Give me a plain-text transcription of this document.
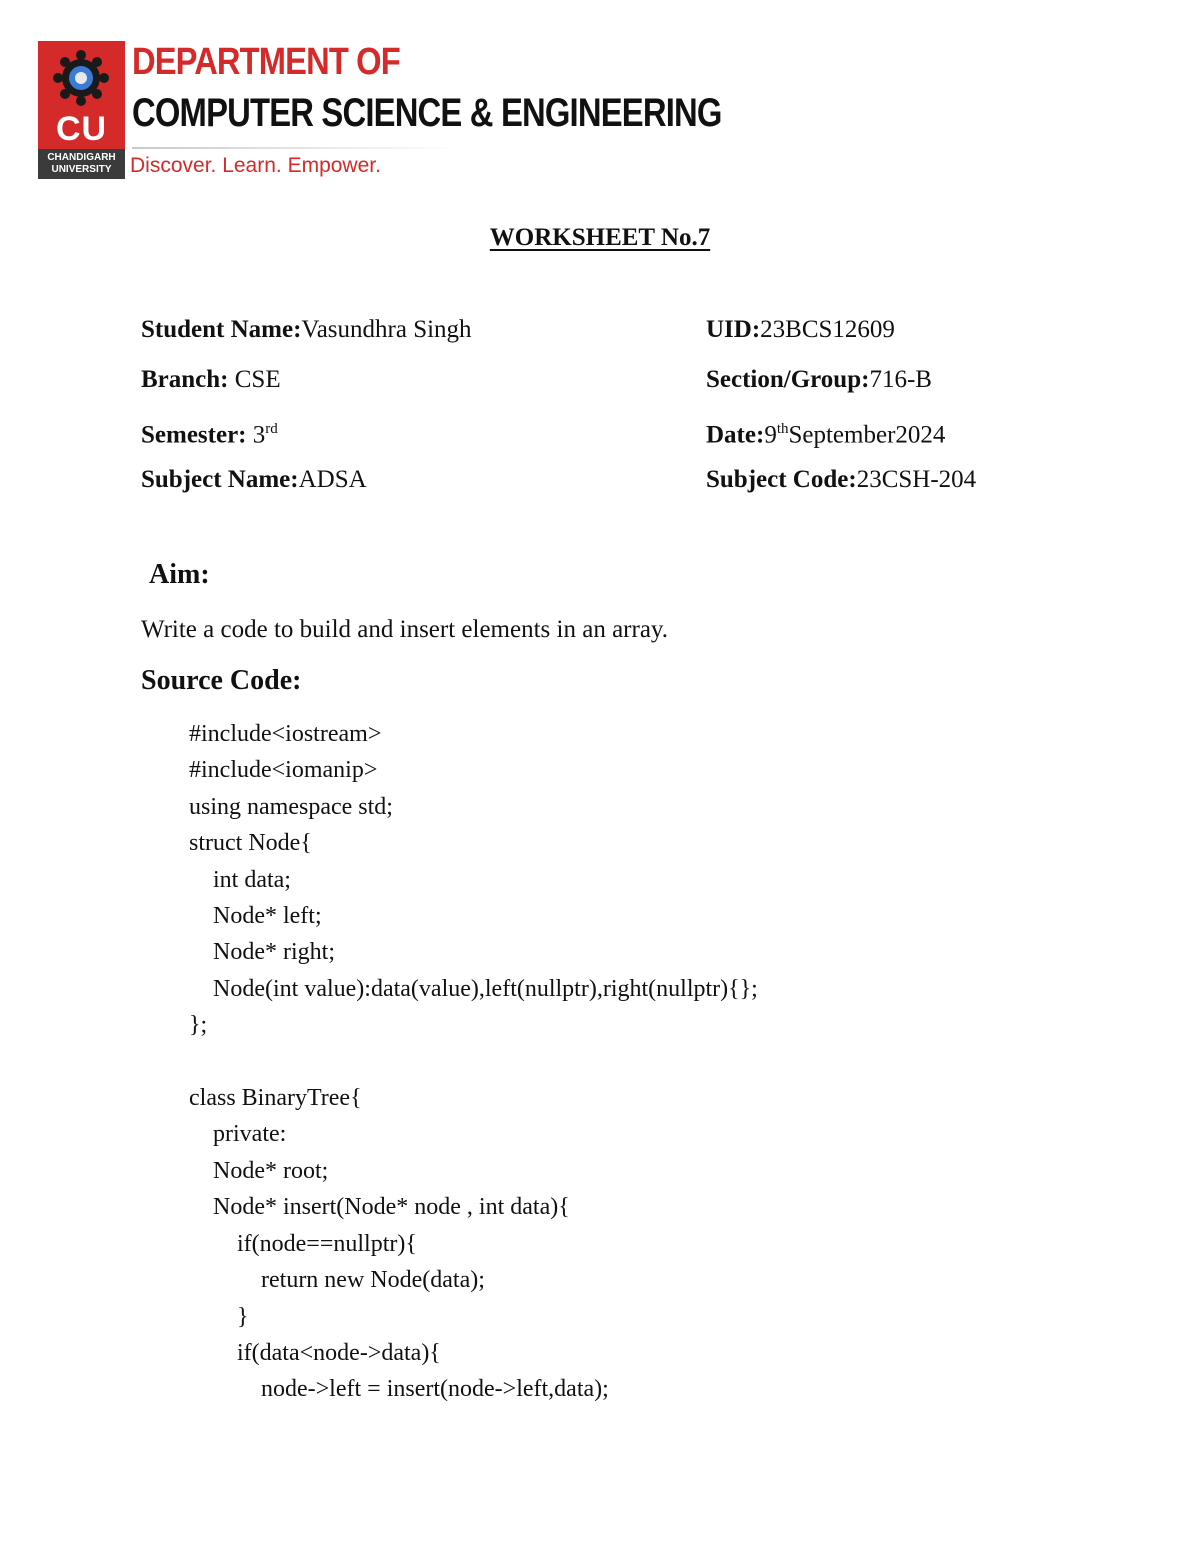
CU
CHANDIGARH UNIVERSITY
DEPARTMENT OF
COMPUTER SCIENCE & ENGINEERING
Discover. Learn. Empower.
WORKSHEET No.7
Student Name:Vasundhra Singh	UID:23BCS12609
Branch: CSE	Section/Group:716-B
Semester: 3rd	Date:9thSeptember2024
Subject Name:ADSA	Subject Code:23CSH-204
Aim:
Write a code to build and insert elements in an array.
Source Code:
#include<iostream>
#include<iomanip>
using namespace std;
struct Node{
int data;
Node* left;
Node* right;
Node(int value):data(value),left(nullptr),right(nullptr){};
};

class BinaryTree{
private:
Node* root;
Node* insert(Node* node , int data){
if(node==nullptr){
return new Node(data);
}
if(data<node->data){
node->left = insert(node->left,data);
